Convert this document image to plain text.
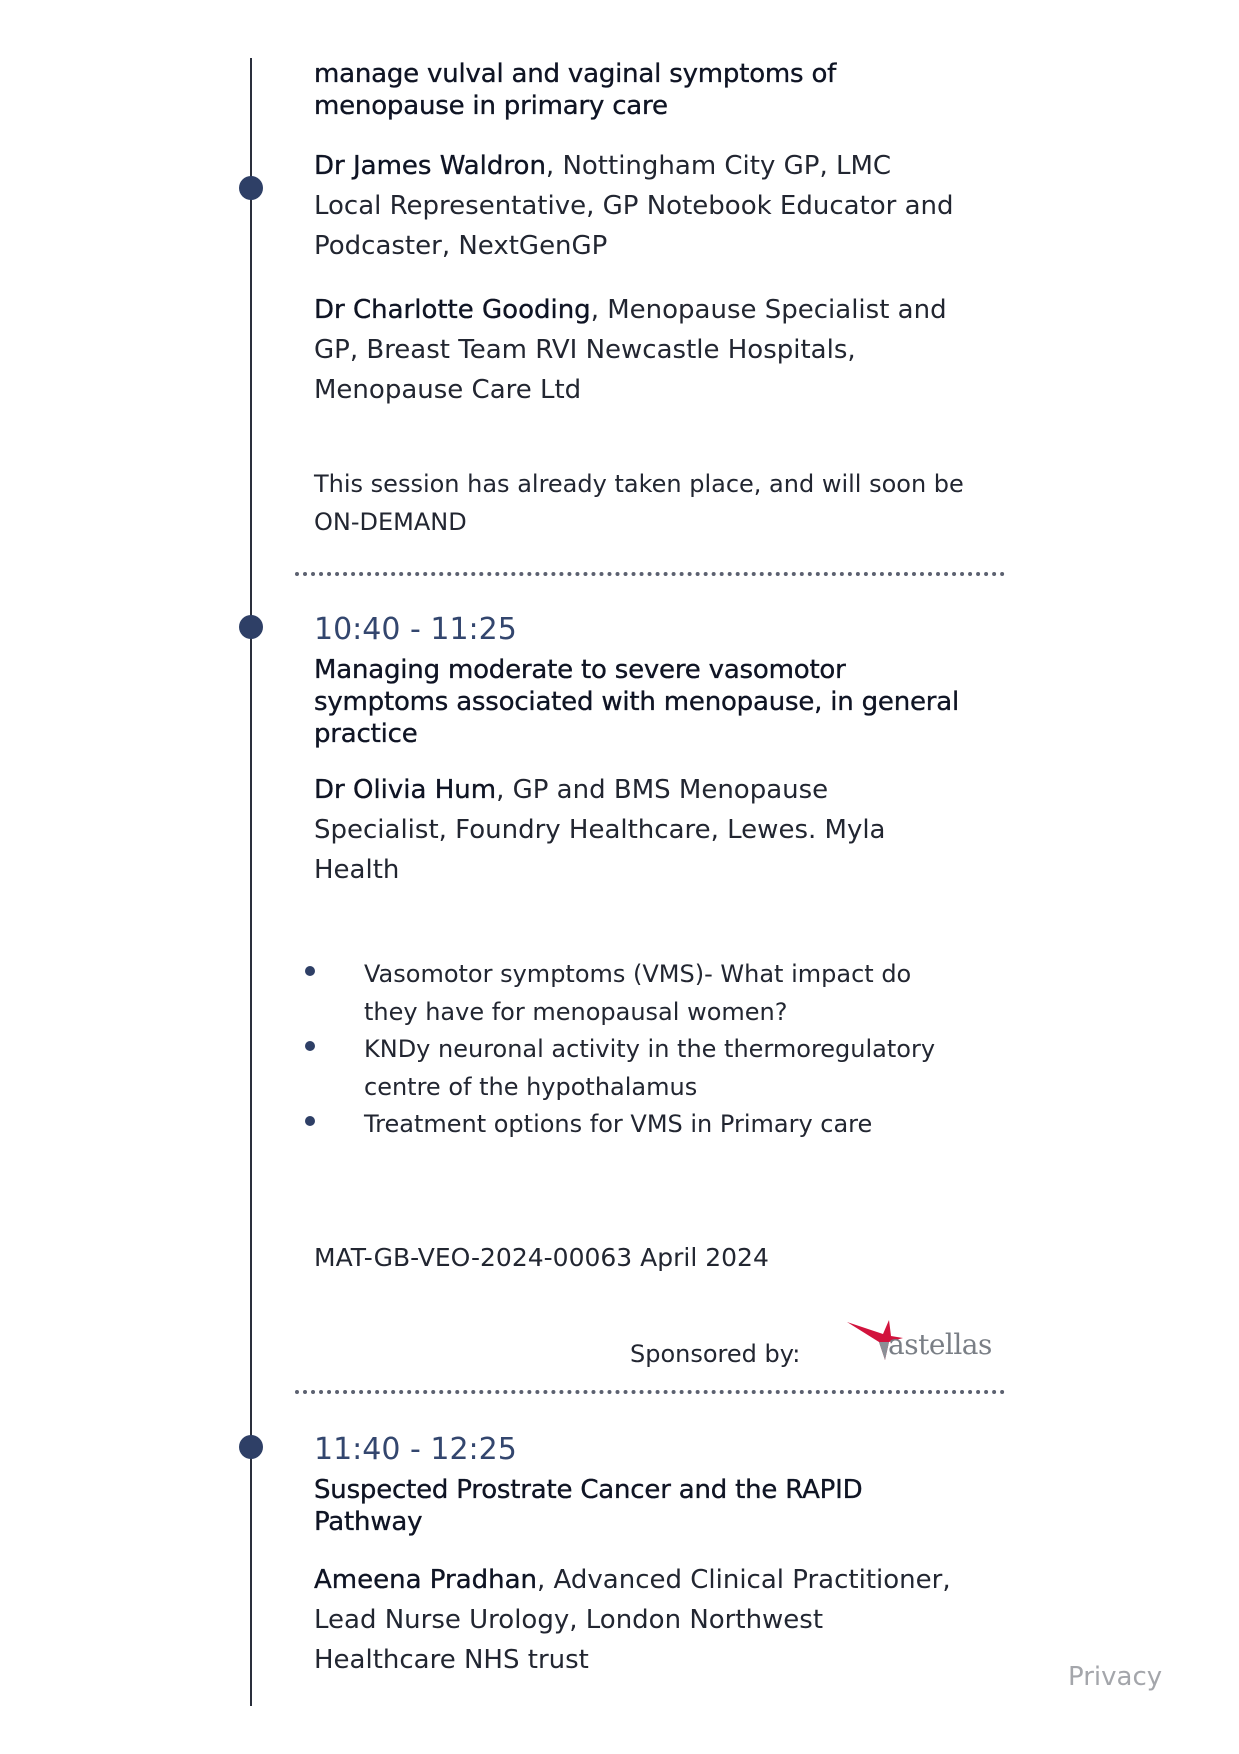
manage vulval and vaginal symptoms of

menopause in primary care

Dr James Waldron, Nottingham City GP, LMC

Local Representative, GP Notebook Educator and

Podcaster, NextGenGP

Dr Charlotte Gooding, Menopause Specialist and

GP, Breast Team RVI Newcastle Hospitals,

Menopause Care Ltd

This session has already taken place, and will soon be

ON-DEMAND

10:40 - 11:25

Managing moderate to severe vasomotor

symptoms associated with menopause, in general

practice

Dr Olivia Hum, GP and BMS Menopause

Specialist, Foundry Healthcare, Lewes. Myla

Health

Vasomotor symptoms (VMS)- What impact do
they have for menopausal women?
KNDy neuronal activity in the thermoregulatory
centre of the hypothalamus
Treatment options for VMS in Primary care
MAT-GB-VEO-2024-00063 April 2024
Sponsored by:	astellas

11:40 - 12:25

Suspected Prostrate Cancer and the RAPID

Pathway

Ameena Pradhan, Advanced Clinical Practitioner,

Lead Nurse Urology, London Northwest

Healthcare NHS trust

Privacy
